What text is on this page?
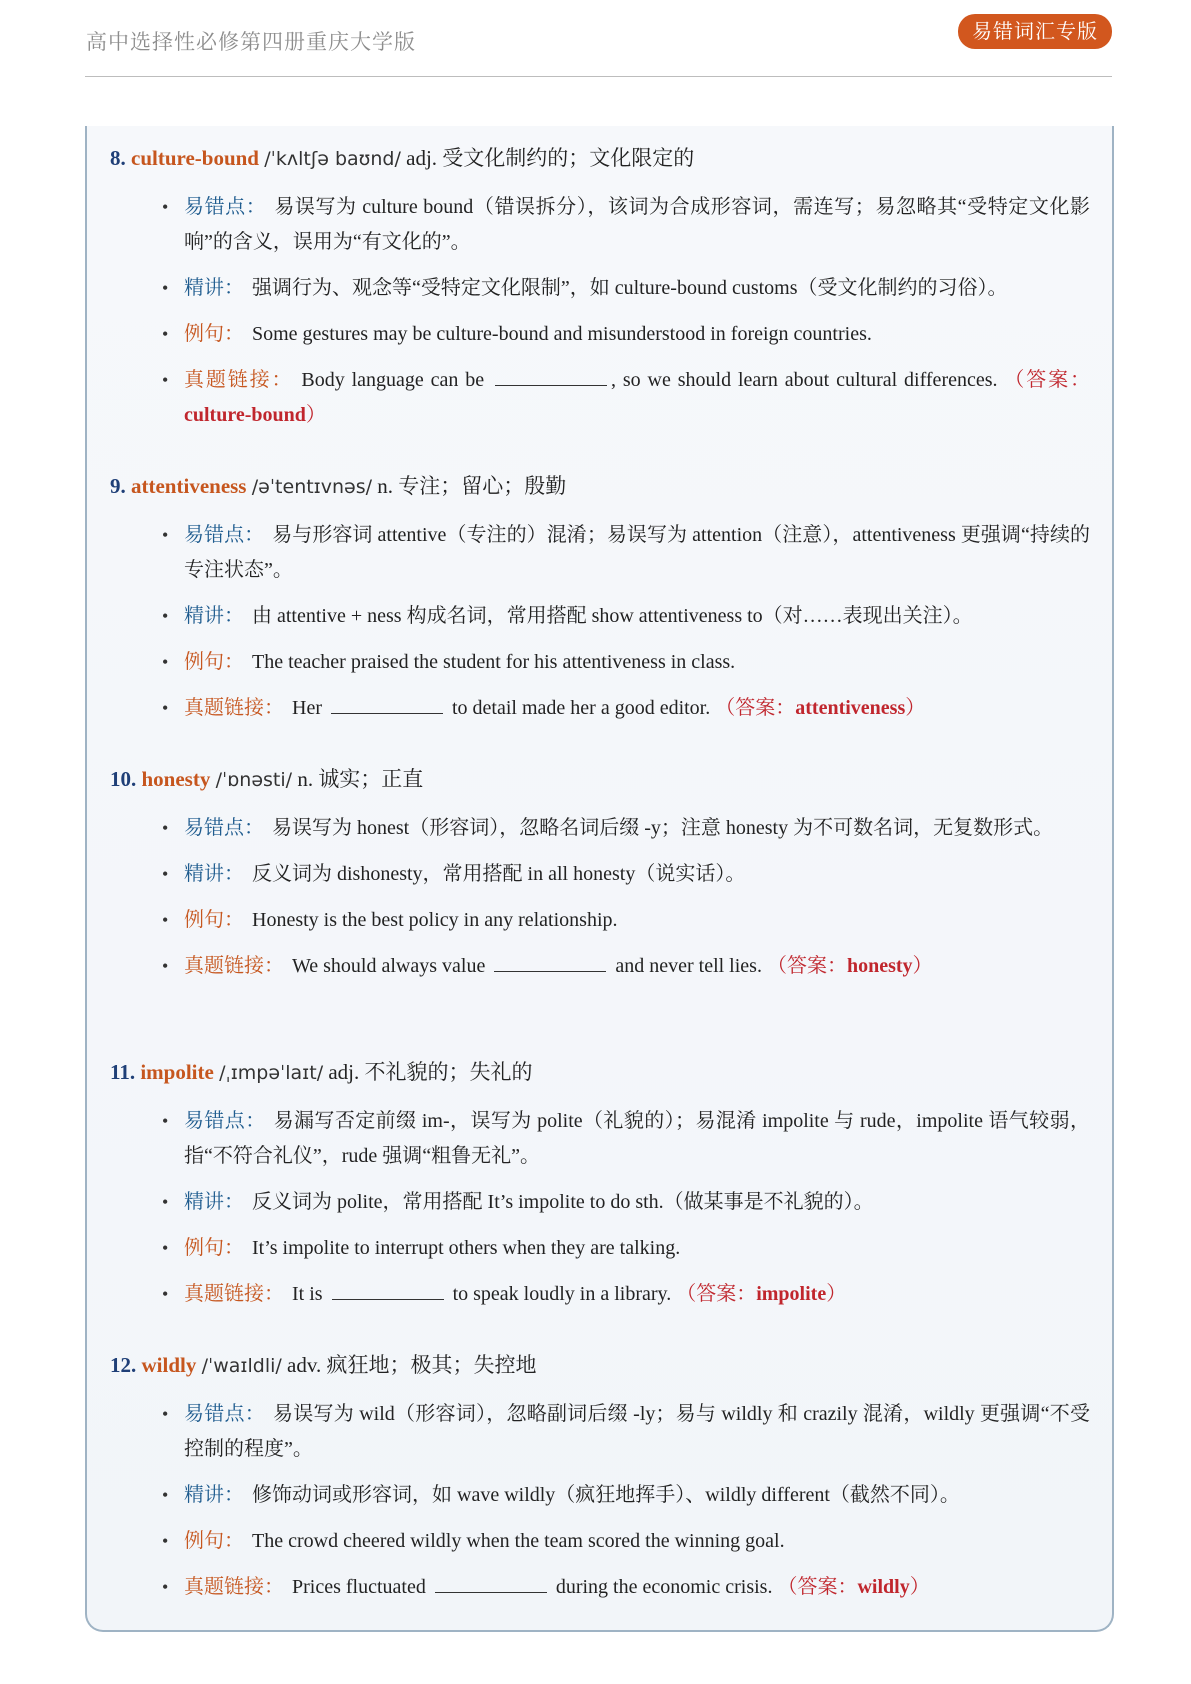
高中选择性必修第四册重庆大学版	易错词汇专版
8. culture-bound /ˈkʌltʃə baʊnd/ adj. 受文化制约的；文化限定的
• 易错点： 易误写为 culture bound（错误拆分），该词为合成形容词，需连写；易忽略其“受特定文化影响”的含义，误用为“有文化的”。
• 精讲： 强调行为、观念等“受特定文化限制”，如 culture-bound customs（受文化制约的习俗）。
• 例句： Some gestures may be culture-bound and misunderstood in foreign countries.
• 真题链接： Body language can be	, so we should learn about cultural differences. （答案：culture-bound）
9. attentiveness /əˈtentɪvnəs/ n. 专注；留心；殷勤
• 易错点： 易与形容词 attentive（专注的）混淆；易误写为 attention（注意），attentiveness 更强调“持续的专注状态”。
• 精讲： 由 attentive + ness 构成名词，常用搭配 show attentiveness to（对……表现出关注）。
• 例句： The teacher praised the student for his attentiveness in class.
• 真题链接： Her	to detail made her a good editor. （答案：attentiveness）
10. honesty /ˈɒnəsti/ n. 诚实；正直
• 易错点： 易误写为 honest（形容词），忽略名词后缀 -y；注意 honesty 为不可数名词，无复数形式。
• 精讲： 反义词为 dishonesty，常用搭配 in all honesty（说实话）。
• 例句： Honesty is the best policy in any relationship.
• 真题链接： We should always value	and never tell lies. （答案：honesty）
11. impolite /ˌɪmpəˈlaɪt/ adj. 不礼貌的；失礼的
• 易错点： 易漏写否定前缀 im-，误写为 polite（礼貌的）；易混淆 impolite 与 rude，impolite 语气较弱，指“不符合礼仪”，rude 强调“粗鲁无礼”。
• 精讲： 反义词为 polite，常用搭配 It’s impolite to do sth.（做某事是不礼貌的）。
• 例句： It’s impolite to interrupt others when they are talking.
• 真题链接： It is	to speak loudly in a library. （答案：impolite）
12. wildly /ˈwaɪldli/ adv. 疯狂地；极其；失控地
• 易错点： 易误写为 wild（形容词），忽略副词后缀 -ly；易与 wildly 和 crazily 混淆，wildly 更强调“不受控制的程度”。
• 精讲： 修饰动词或形容词，如 wave wildly（疯狂地挥手）、wildly different（截然不同）。
• 例句： The crowd cheered wildly when the team scored the winning goal.
• 真题链接： Prices fluctuated	during the economic crisis. （答案：wildly）
